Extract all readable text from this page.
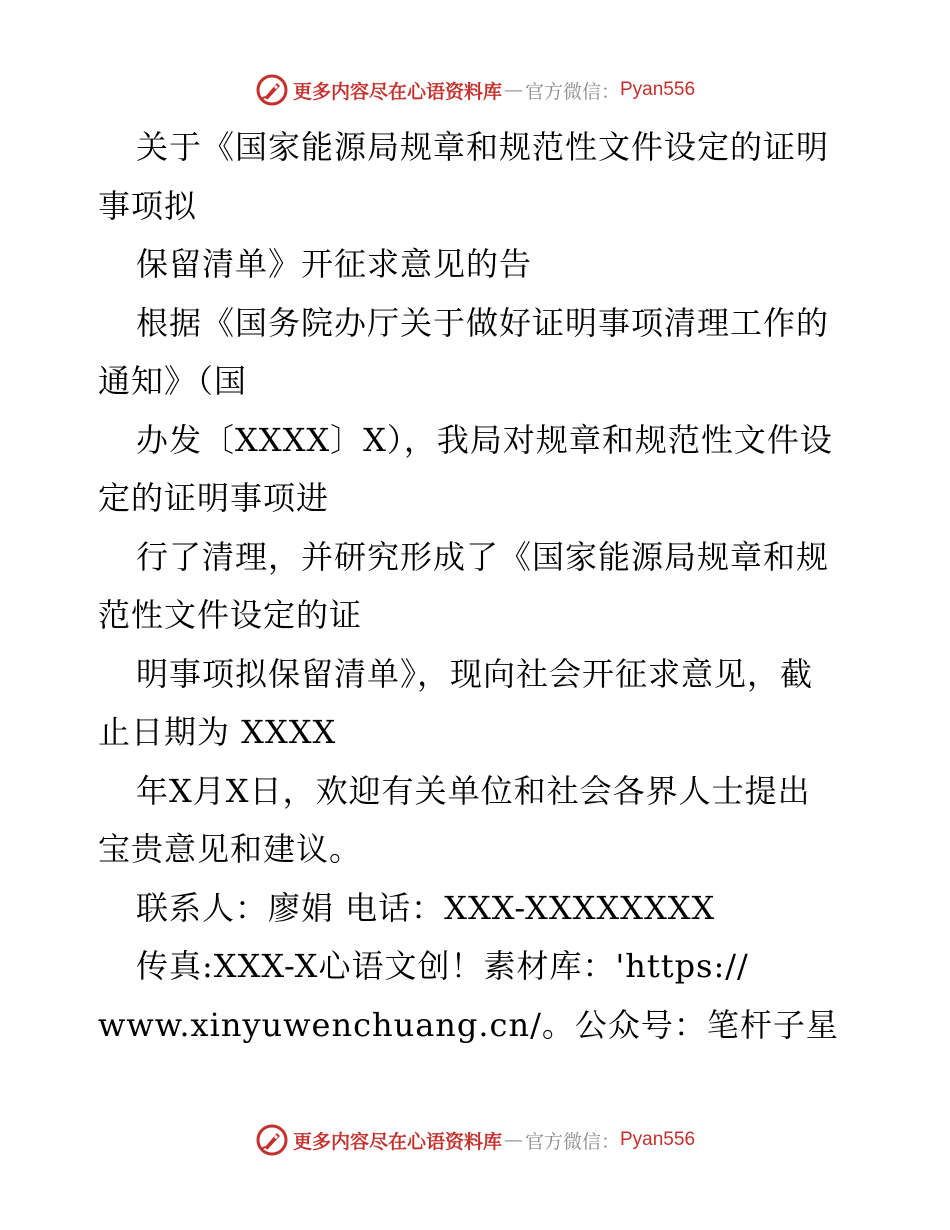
更多内容尽在心语资料库 — 官方微信： Pyan556
关于《国家能源局规章和规范性文件设定的证明
事项拟
保留清单》开征求意见的告
根据《国务院办厅关于做好证明事项清理工作的
通知》（国
办发〔XXXX〕X），我局对规章和规范性文件设
定的证明事项进
行了清理，并研究形成了《国家能源局规章和规
范性文件设定的证
明事项拟保留清单》，现向社会开征求意见，截
止日期为 XXXX
年X月X日，欢迎有关单位和社会各界人士提出
宝贵意见和建议。
联系人：廖娟 电话：XXX-XXXXXXXX
传真:XXX-X心语文创！素材库：'https://
www.xinyuwenchuang.cn/。公众号：笔杆子星
更多内容尽在心语资料库 — 官方微信： Pyan556
